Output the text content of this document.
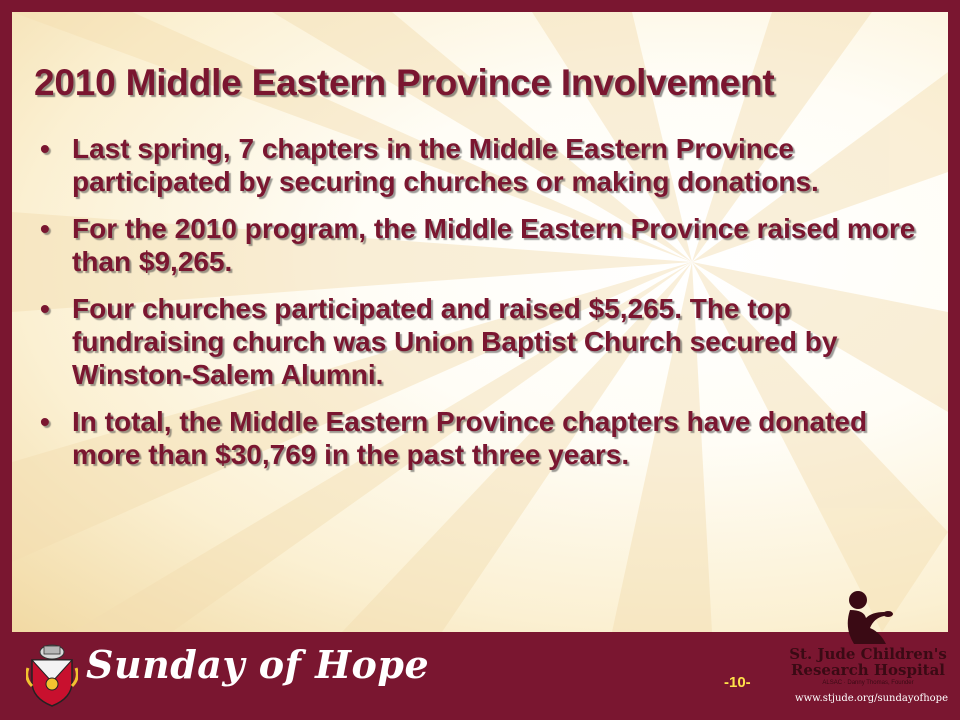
2010 Middle Eastern Province Involvement
• Last spring, 7 chapters in the Middle Eastern Province participated by securing churches or making donations.
• For the 2010 program, the Middle Eastern Province raised more than $9,265.
• Four churches participated and raised $5,265. The top fundraising church was Union Baptist Church secured by Winston-Salem Alumni.
• In total, the Middle Eastern Province chapters have donated more than $30,769 in the past three years.
Sunday of Hope	-10-
St. Jude Children's
Research Hospital
ALSAC · Danny Thomas, Founder
www.stjude.org/sundayofhope
